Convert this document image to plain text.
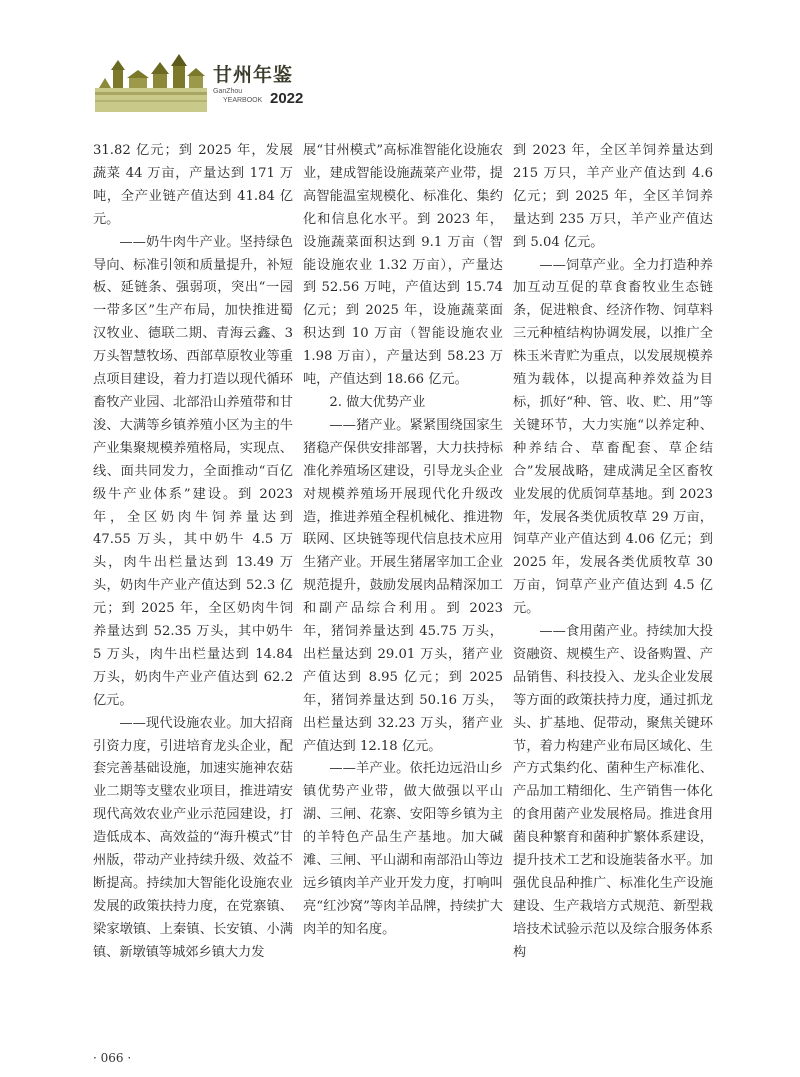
甘州年鉴
GanZhou
YEARBOOK 2022

31.82 亿元；到 2025 年，发展蔬菜 44 万亩，产量达到 171 万吨，全产业链产值达到 41.84 亿元。

——奶牛肉牛产业。坚持绿色导向、标准引领和质量提升，补短板、延链条、强弱项，突出“一园一带多区”生产布局，加快推进蜀汉牧业、德联二期、青海云鑫、3 万头智慧牧场、西部草原牧业等重点项目建设，着力打造以现代循环畜牧产业园、北部沿山养殖带和甘浚、大满等乡镇养殖小区为主的牛产业集聚规模养殖格局，实现点、线、面共同发力，全面推动“百亿级牛产业体系”建设。到 2023 年，全区奶肉牛饲养量达到 47.55 万头，其中奶牛 4.5 万头，肉牛出栏量达到 13.49 万头，奶肉牛产业产值达到 52.3 亿元；到 2025 年，全区奶肉牛饲养量达到 52.35 万头，其中奶牛 5 万头，肉牛出栏量达到 14.84 万头，奶肉牛产业产值达到 62.2 亿元。

——现代设施农业。加大招商引资力度，引进培育龙头企业，配套完善基础设施，加速实施神农菇业二期等支璧农业项目，推进靖安现代高效农业产业示范园建设，打造低成本、高效益的“海升模式”甘州版，带动产业持续升级、效益不断提高。持续加大智能化设施农业发展的政策扶持力度，在党寨镇、梁家墩镇、上秦镇、长安镇、小满镇、新墩镇等城郊乡镇大力发

展“甘州模式”高标准智能化设施农业，建成智能设施蔬菜产业带，提高智能温室规模化、标准化、集约化和信息化水平。到 2023 年，设施蔬菜面积达到 9.1 万亩（智能设施农业 1.32 万亩），产量达到 52.56 万吨，产值达到 15.74 亿元；到 2025 年，设施蔬菜面积达到 10 万亩（智能设施农业 1.98 万亩），产量达到 58.23 万吨，产值达到 18.66 亿元。

2. 做大优势产业

——猪产业。紧紧围绕国家生猪稳产保供安排部署，大力扶持标准化养殖场区建设，引导龙头企业对规模养殖场开展现代化升级改造，推进养殖全程机械化、推进物联网、区块链等现代信息技术应用生猪产业。开展生猪屠宰加工企业规范提升，鼓励发展肉品精深加工和副产品综合利用。到 2023 年，猪饲养量达到 45.75 万头，出栏量达到 29.01 万头，猪产业产值达到 8.95 亿元；到 2025 年，猪饲养量达到 50.16 万头，出栏量达到 32.23 万头，猪产业产值达到 12.18 亿元。

——羊产业。依托边远沿山乡镇优势产业带，做大做强以平山湖、三闸、花寨、安阳等乡镇为主的羊特色产品生产基地。加大碱滩、三闸、平山湖和南部沿山等边远乡镇肉羊产业开发力度，打响叫亮“红沙窝”等肉羊品牌，持续扩大肉羊的知名度。

到 2023 年，全区羊饲养量达到 215 万只，羊产业产值达到 4.6 亿元；到 2025 年，全区羊饲养量达到 235 万只，羊产业产值达到 5.04 亿元。

——饲草产业。全力打造种养加互动互促的草食畜牧业生态链条，促进粮食、经济作物、饲草料三元种植结构协调发展，以推广全株玉米青贮为重点，以发展规模养殖为载体，以提高种养效益为目标，抓好“种、管、收、贮、用”等关键环节，大力实施“以养定种、种养结合、草畜配套、草企结合”发展战略，建成满足全区畜牧业发展的优质饲草基地。到 2023 年，发展各类优质牧草 29 万亩，饲草产业产值达到 4.06 亿元；到 2025 年，发展各类优质牧草 30 万亩，饲草产业产值达到 4.5 亿元。

——食用菌产业。持续加大投资融资、规模生产、设备购置、产品销售、科技投入、龙头企业发展等方面的政策扶持力度，通过抓龙头、扩基地、促带动，聚焦关键环节，着力构建产业布局区域化、生产方式集约化、菌种生产标准化、产品加工精细化、生产销售一体化的食用菌产业发展格局。推进食用菌良种繁育和菌种扩繁体系建设，提升技术工艺和设施装备水平。加强优良品种推广、标准化生产设施建设、生产栽培方式规范、新型栽培技术试验示范以及综合服务体系构

· 066 ·
